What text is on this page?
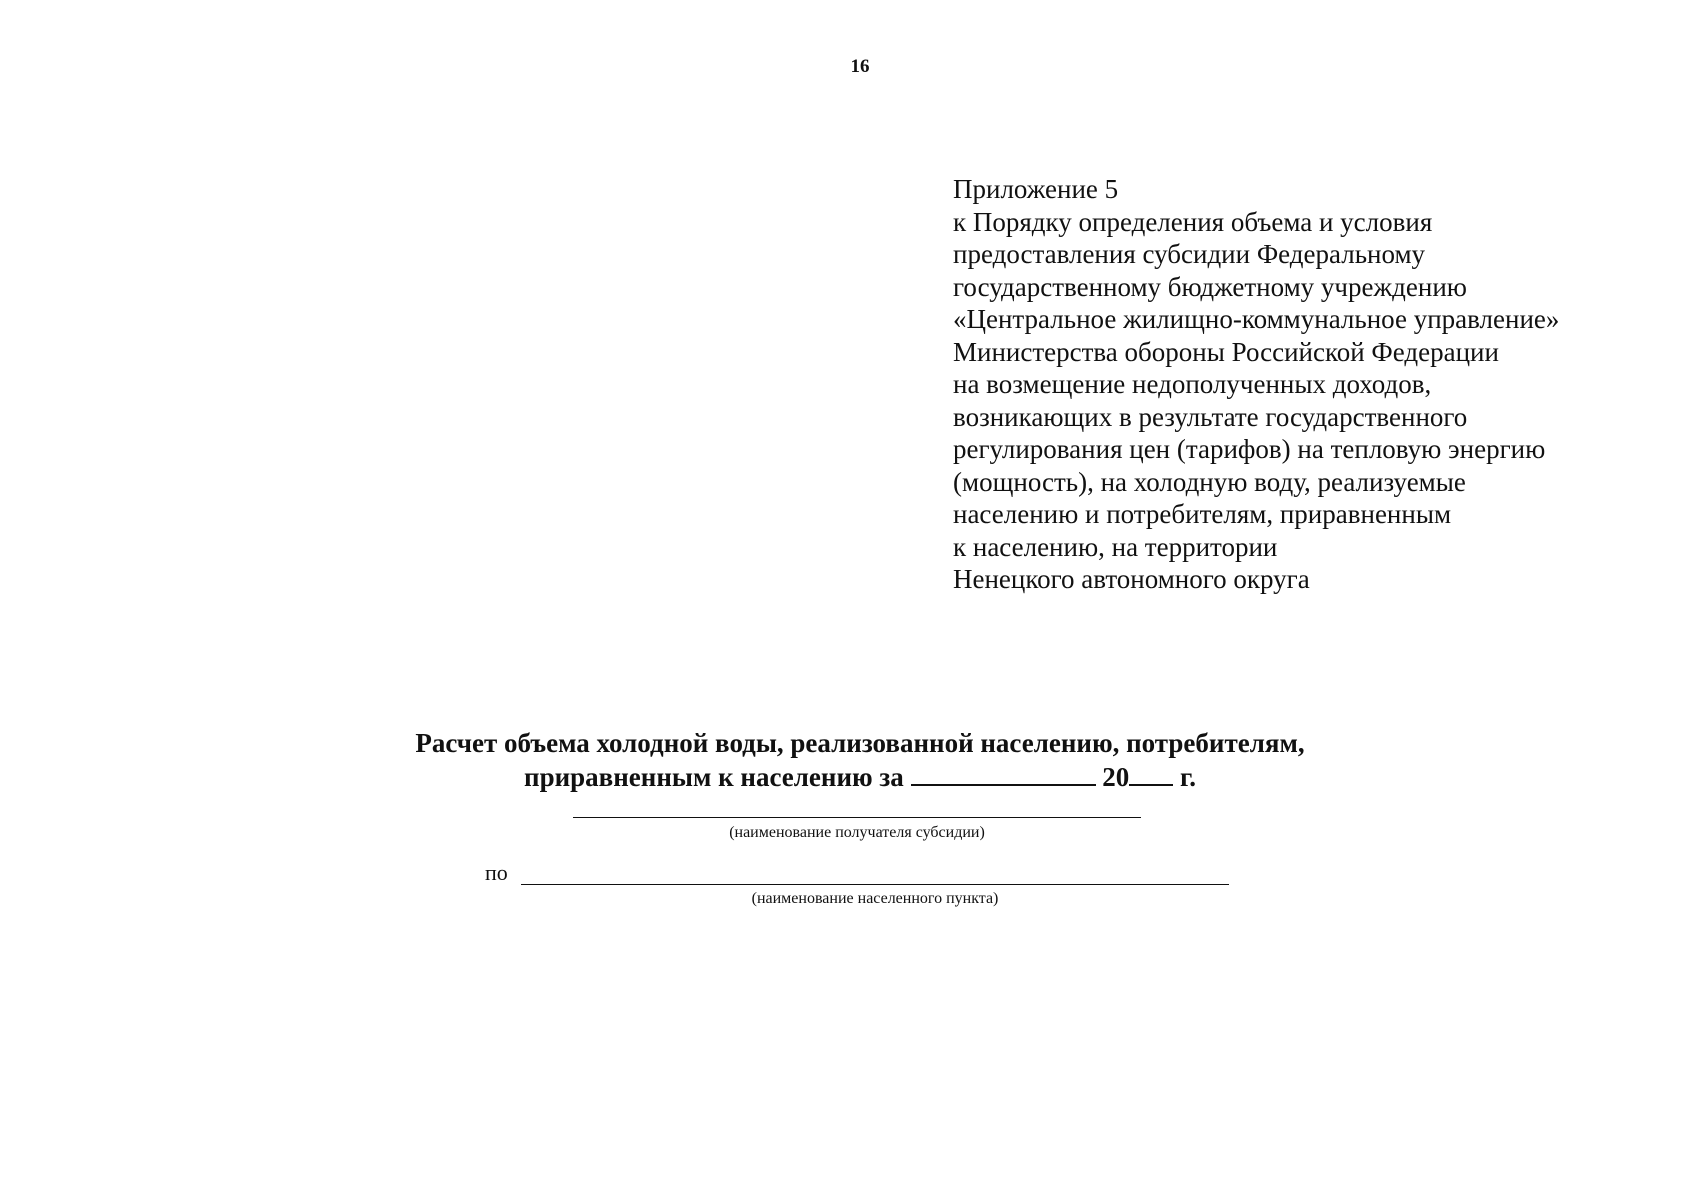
16
Приложение 5
к Порядку определения объема и условия
предоставления субсидии Федеральному
государственному бюджетному учреждению
«Центральное жилищно-коммунальное управление»
Министерства обороны Российской Федерации
на возмещение недополученных доходов,
возникающих в результате государственного
регулирования цен (тарифов) на тепловую энергию
(мощность), на холодную воду, реализуемые
населению и потребителям, приравненным
к населению, на территории
Ненецкого автономного округа
Расчет объема холодной воды, реализованной населению, потребителям,
приравненным к населению за	20 г.
(наименование получателя субсидии)
по
(наименование населенного пункта)
